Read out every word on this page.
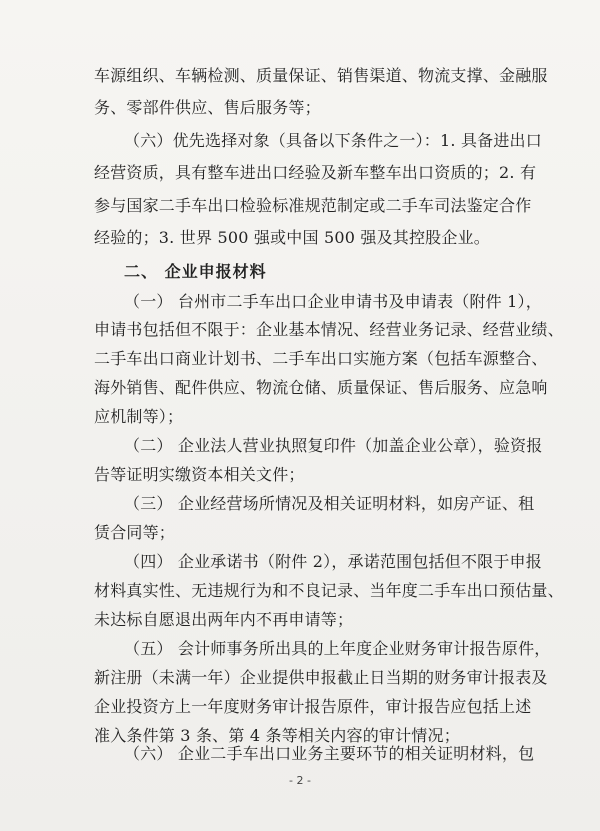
车源组织、车辆检测、质量保证、销售渠道、物流支撑、金融服
务、零部件供应、售后服务等；
（六）优先选择对象（具备以下条件之一）：1. 具备进出口
经营资质，具有整车进出口经验及新车整车出口资质的；2. 有
参与国家二手车出口检验标准规范制定或二手车司法鉴定合作
经验的；3. 世界 500 强或中国 500 强及其控股企业。
二、 企业申报材料
（一） 台州市二手车出口企业申请书及申请表（附件 1），
申请书包括但不限于：企业基本情况、经营业务记录、经营业绩、
二手车出口商业计划书、二手车出口实施方案（包括车源整合、
海外销售、配件供应、物流仓储、质量保证、售后服务、应急响
应机制等）；
（二） 企业法人营业执照复印件（加盖企业公章），验资报
告等证明实缴资本相关文件；
（三） 企业经营场所情况及相关证明材料，如房产证、租
赁合同等；
（四） 企业承诺书（附件 2），承诺范围包括但不限于申报
材料真实性、无违规行为和不良记录、当年度二手车出口预估量、
未达标自愿退出两年内不再申请等；
（五） 会计师事务所出具的上年度企业财务审计报告原件，
新注册（未满一年）企业提供申报截止日当期的财务审计报表及
企业投资方上一年度财务审计报告原件，审计报告应包括上述
准入条件第 3 条、第 4 条等相关内容的审计情况；
（六） 企业二手车出口业务主要环节的相关证明材料，包
- 2 -
